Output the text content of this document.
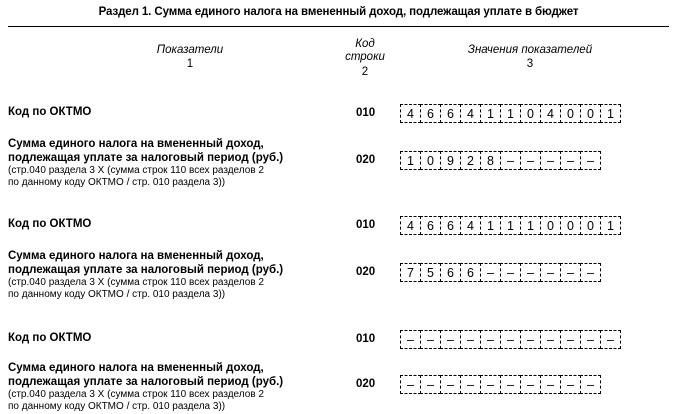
Раздел 1. Сумма единого налога на вмененный доход, подлежащая уплате в бюджет
Показатели
1
Код
строки
2
Значения показателей
3
Код по ОКТМО	010	4	6	6	4	1	1	0	4	0	0	1
Сумма единого налога на вмененный доход,
подлежащая уплате за налоговый период (руб.)
(стр.040 раздела 3 Х (сумма строк 110 всех разделов 2
по данному коду ОКТМО / стр. 010 раздела 3))
020	1	0	9	2	8	–	–	–	–	–
Код по ОКТМО	010	4	6	6	4	1	1	1	0	0	0	1
Сумма единого налога на вмененный доход,
подлежащая уплате за налоговый период (руб.)
(стр.040 раздела 3 Х (сумма строк 110 всех разделов 2
по данному коду ОКТМО / стр. 010 раздела 3))
020	7	5	6	6	–	–	–	–	–	–
Код по ОКТМО	010	–	–	–	–	–	–	–	–	–	–	–
Сумма единого налога на вмененный доход,
подлежащая уплате за налоговый период (руб.)
(стр.040 раздела 3 Х (сумма строк 110 всех разделов 2
по данному коду ОКТМО / стр. 010 раздела 3))
020	–	–	–	–	–	–	–	–	–	–
